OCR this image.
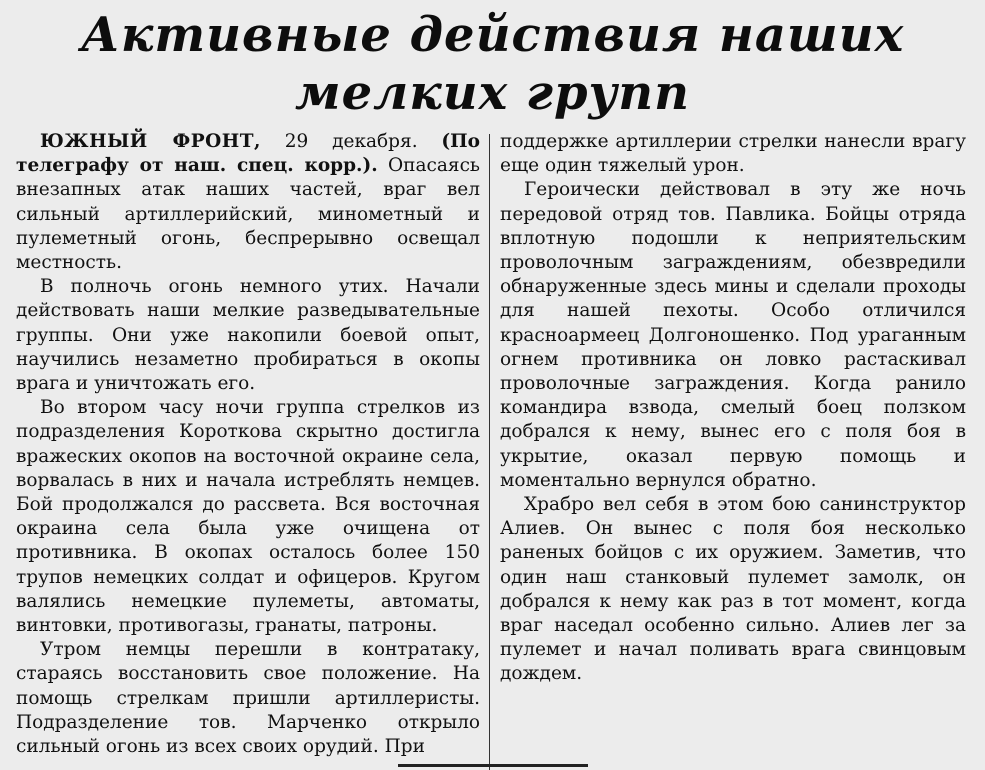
Активные действия наших
мелких групп

ЮЖНЫЙ ФРОНТ, 29 декабря. (По телеграфу от наш. спец. корр.). Опасаясь внезапных атак наших частей, враг вел сильный артиллерийский, минометный и пулеметный огонь, беспрерывно освещал местность.

В полночь огонь немного утих. Начали действовать наши мелкие разведывательные группы. Они уже накопили боевой опыт, научились незаметно пробираться в окопы врага и уничтожать его.

Во втором часу ночи группа стрелков из подразделения Короткова скрытно достигла вражеских окопов на восточной окраине села, ворвалась в них и начала истреблять немцев. Бой продолжался до рассвета. Вся восточная окраина села была уже очищена от противника. В окопах осталось более 150 трупов немецких солдат и офицеров. Кругом валялись немецкие пулеметы, автоматы, винтовки, противогазы, гранаты, патроны.

Утром немцы перешли в контратаку, стараясь восстановить свое положение. На помощь стрелкам пришли артиллеристы. Подразделение тов. Марченко открыло сильный огонь из всех своих орудий. При

поддержке артиллерии стрелки нанесли врагу еще один тяжелый урон.

Героически действовал в эту же ночь передовой отряд тов. Павлика. Бойцы отряда вплотную подошли к неприятельским проволочным заграждениям, обезвредили обнаруженные здесь мины и сделали проходы для нашей пехоты. Особо отличился красноармеец Долгоношенко. Под ураганным огнем противника он ловко растаскивал проволочные заграждения. Когда ранило командира взвода, смелый боец ползком добрался к нему, вынес его с поля боя в укрытие, оказал первую помощь и моментально вернулся обратно.

Храбро вел себя в этом бою санинструктор Алиев. Он вынес с поля боя несколько раненых бойцов с их оружием. Заметив, что один наш станковый пулемет замолк, он добрался к нему как раз в тот момент, когда враг наседал особенно сильно. Алиев лег за пулемет и начал поливать врага свинцовым дождем.
